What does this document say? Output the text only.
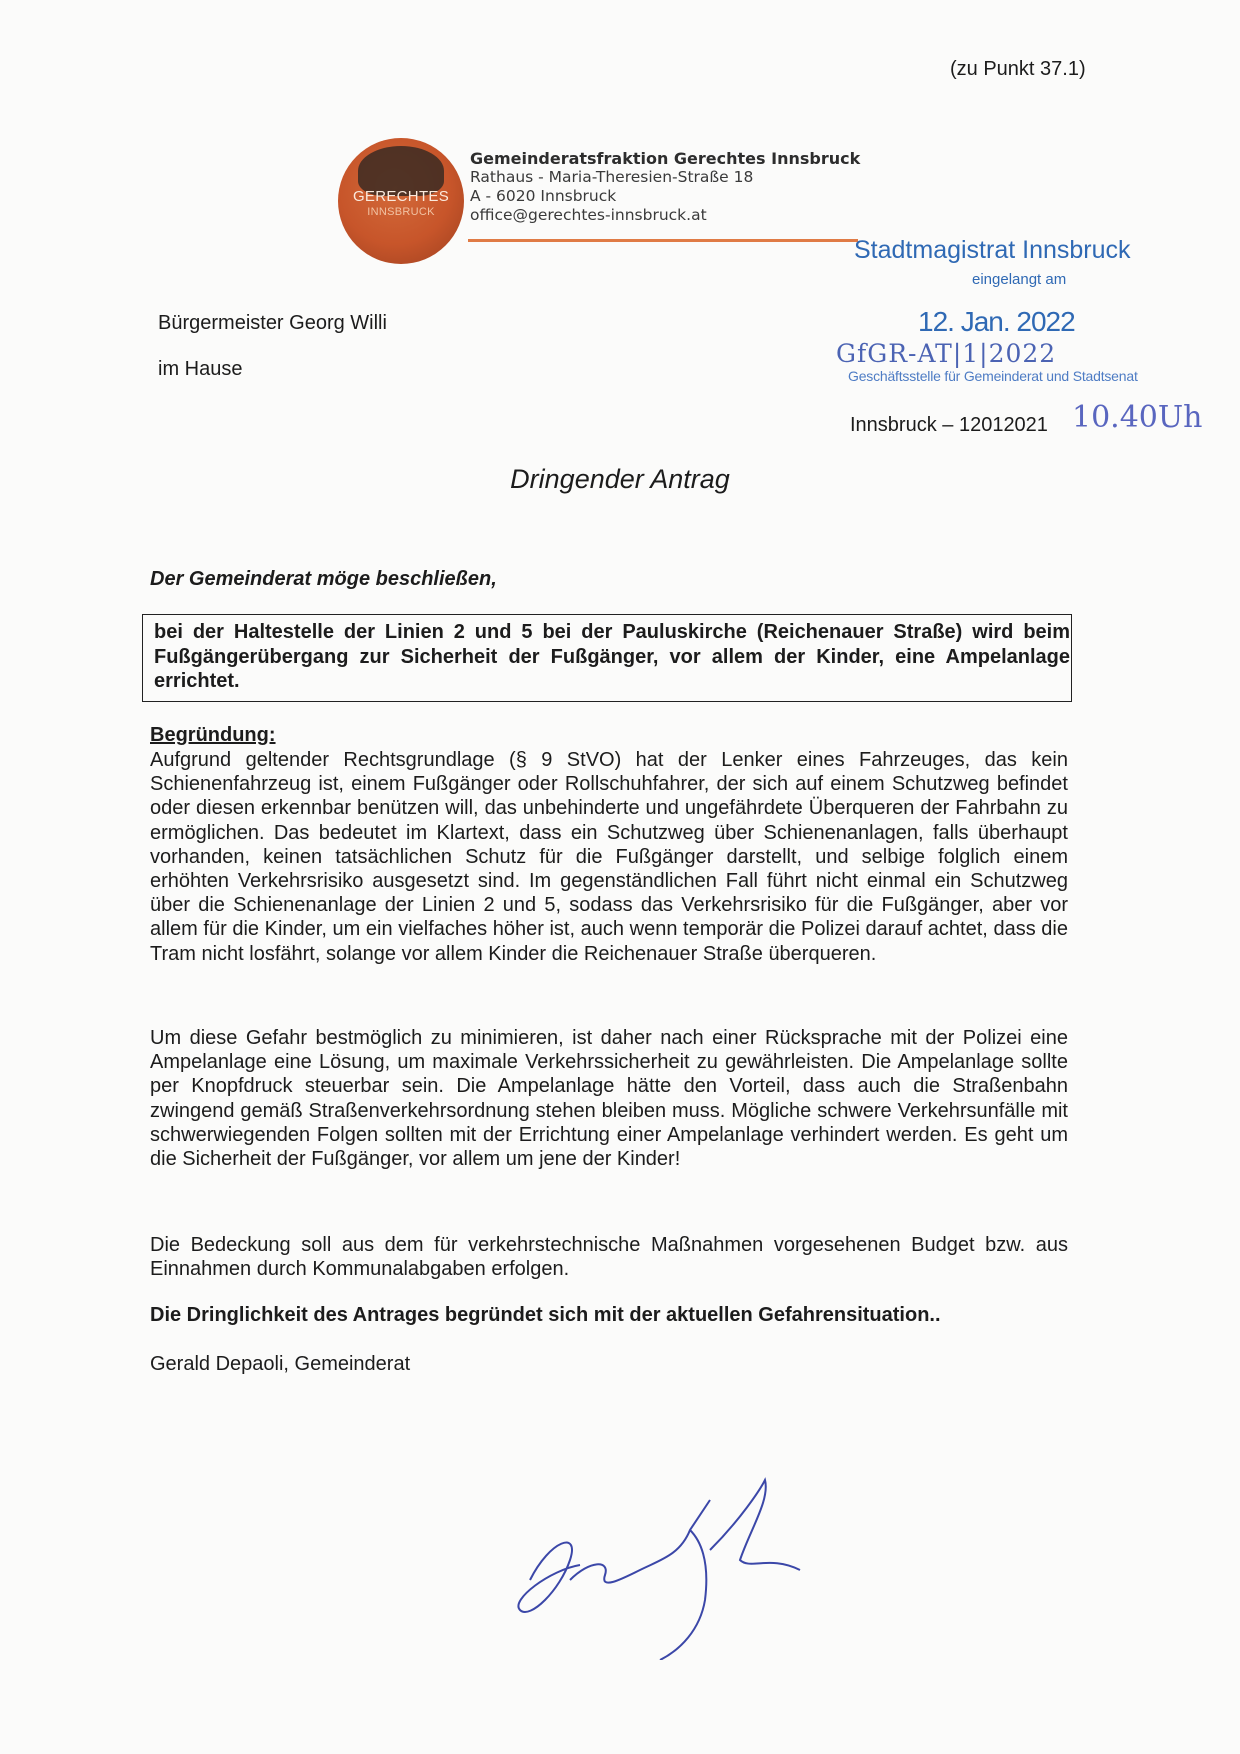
(zu Punkt 37.1)
GERECHTES
INNSBRUCK
Gemeinderatsfraktion Gerechtes Innsbruck
Rathaus - Maria-Theresien-Straße 18
A - 6020 Innsbruck
office@gerechtes-innsbruck.at
Stadtmagistrat Innsbruck
eingelangt am
12. Jan. 2022
GfGR-AT|1|2022
Geschäftsstelle für Gemeinderat und Stadtsenat
10.40Uh
Bürgermeister Georg Willi
im Hause
Innsbruck – 12012021
Dringender Antrag
Der Gemeinderat möge beschließen,
bei der Haltestelle der Linien 2 und 5 bei der Pauluskirche (Reichenauer Straße) wird beim Fußgängerübergang zur Sicherheit der Fußgänger, vor allem der Kinder, eine Ampelanlage errichtet.
Begründung:
Aufgrund geltender Rechtsgrundlage (§ 9 StVO) hat der Lenker eines Fahrzeuges, das kein Schienenfahrzeug ist, einem Fußgänger oder Rollschuhfahrer, der sich auf einem Schutzweg befindet oder diesen erkennbar benützen will, das unbehinderte und ungefährdete Überqueren der Fahrbahn zu ermöglichen. Das bedeutet im Klartext, dass ein Schutzweg über Schienenanlagen, falls überhaupt vorhanden, keinen tatsächlichen Schutz für die Fußgänger darstellt, und selbige folglich einem erhöhten Verkehrsrisiko ausgesetzt sind. Im gegenständlichen Fall führt nicht einmal ein Schutzweg über die Schienenanlage der Linien 2 und 5, sodass das Verkehrsrisiko für die Fußgänger, aber vor allem für die Kinder, um ein vielfaches höher ist, auch wenn temporär die Polizei darauf achtet, dass die Tram nicht losfährt, solange vor allem Kinder die Reichenauer Straße überqueren.
Um diese Gefahr bestmöglich zu minimieren, ist daher nach einer Rücksprache mit der Polizei eine Ampelanlage eine Lösung, um maximale Verkehrssicherheit zu gewährleisten. Die Ampelanlage sollte per Knopfdruck steuerbar sein. Die Ampelanlage hätte den Vorteil, dass auch die Straßenbahn zwingend gemäß Straßenverkehrsordnung stehen bleiben muss. Mögliche schwere Verkehrsunfälle mit schwerwiegenden Folgen sollten mit der Errichtung einer Ampelanlage verhindert werden. Es geht um die Sicherheit der Fußgänger, vor allem um jene der Kinder!
Die Bedeckung soll aus dem für verkehrstechnische Maßnahmen vorgesehenen Budget bzw. aus Einnahmen durch Kommunalabgaben erfolgen.
Die Dringlichkeit des Antrages begründet sich mit der aktuellen Gefahrensituation..
Gerald Depaoli, Gemeinderat
